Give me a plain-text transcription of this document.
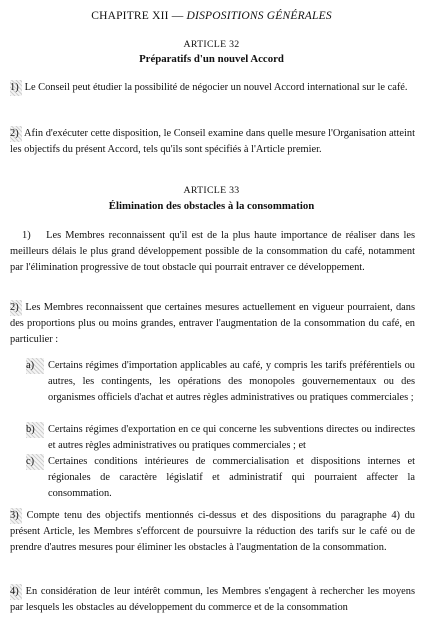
CHAPITRE XII — DISPOSITIONS GÉNÉRALES
ARTICLE 32
Préparatifs d'un nouvel Accord

1) Le Conseil peut étudier la possibilité de négocier un nouvel Accord international sur le café.

2) Afin d'exécuter cette disposition, le Conseil examine dans quelle mesure l'Organisation atteint les objectifs du présent Accord, tels qu'ils sont spécifiés à l'Article premier.

ARTICLE 33
Élimination des obstacles à la consommation

1) Les Membres reconnaissent qu'il est de la plus haute importance de réaliser dans les meilleurs délais le plus grand développement possible de la consommation du café, notamment par l'élimination progressive de tout obstacle qui pourrait entraver ce développement.

2) Les Membres reconnaissent que certaines mesures actuellement en vigueur pourraient, dans des proportions plus ou moins grandes, entraver l'augmentation de la consommation du café, en particulier :

a)	Certains régimes d'importation applicables au café, y compris les tarifs préférentiels ou autres, les contingents, les opérations des monopoles gouvernementaux ou des organismes officiels d'achat et autres règles administratives ou pratiques commerciales ;

b)	Certains régimes d'exportation en ce qui concerne les subventions directes ou indirectes et autres règles administratives ou pratiques commerciales ; et

c)	Certaines conditions intérieures de commercialisation et dispositions internes et régionales de caractère législatif et administratif qui pourraient affecter la consommation.

3) Compte tenu des objectifs mentionnés ci-dessus et des dispositions du paragraphe 4) du présent Article, les Membres s'efforcent de poursuivre la réduction des tarifs sur le café ou de prendre d'autres mesures pour éliminer les obstacles à l'augmentation de la consommation.

4) En considération de leur intérêt commun, les Membres s'engagent à rechercher les moyens par lesquels les obstacles au développement du commerce et de la consommation
